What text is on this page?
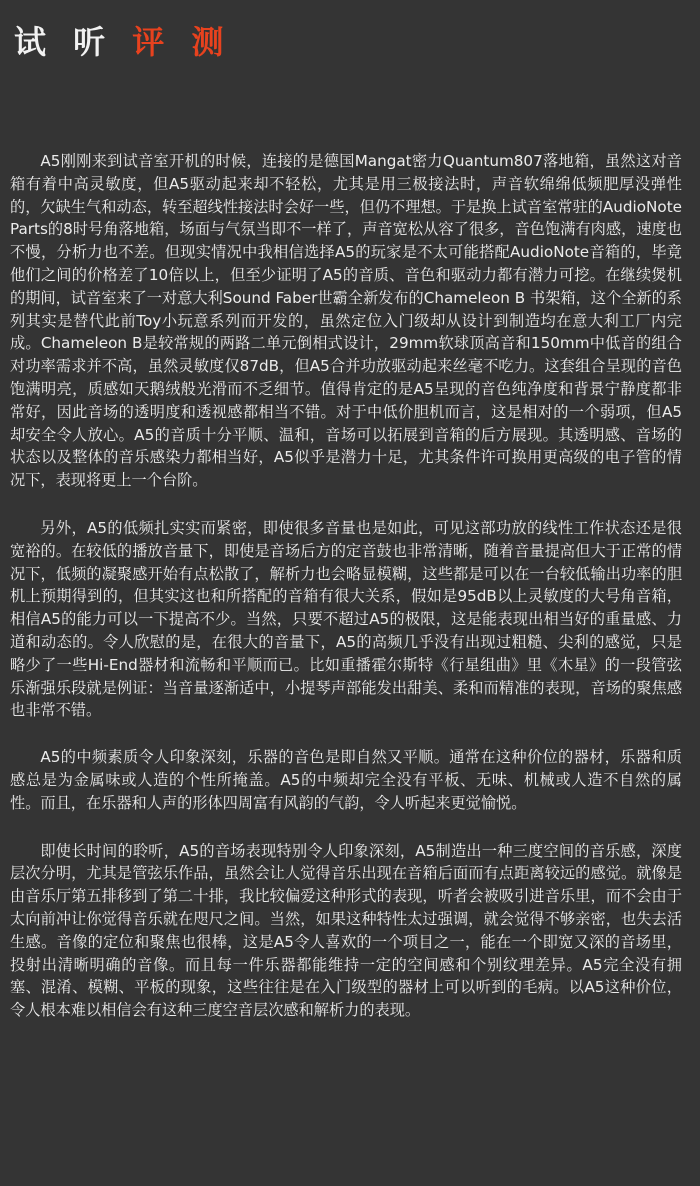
试 听 评 测

A5刚刚来到试音室开机的时候，连接的是德国Mangat密力Quantum807落地箱，虽然这对音箱有着中高灵敏度，但A5驱动起来却不轻松，尤其是用三极接法时，声音软绵绵低频肥厚没弹性的，欠缺生气和动态，转至超线性接法时会好一些，但仍不理想。于是换上试音室常驻的AudioNote Parts的8时号角落地箱，场面与气氛当即不一样了，声音宽松从容了很多，音色饱满有肉感，速度也不慢，分析力也不差。但现实情况中我相信选择A5的玩家是不太可能搭配AudioNote音箱的，毕竟他们之间的价格差了10倍以上，但至少证明了A5的音质、音色和驱动力都有潜力可挖。在继续煲机的期间，试音室来了一对意大利Sound Faber世霸全新发布的Chameleon B 书架箱，这个全新的系列其实是替代此前Toy小玩意系列而开发的，虽然定位入门级却从设计到制造均在意大利工厂内完成。Chameleon B是较常规的两路二单元倒相式设计，29mm软球顶高音和150mm中低音的组合对功率需求并不高，虽然灵敏度仅87dB，但A5合并功放驱动起来丝毫不吃力。这套组合呈现的音色饱满明亮，质感如天鹅绒般光滑而不乏细节。值得肯定的是A5呈现的音色纯净度和背景宁静度都非常好，因此音场的透明度和透视感都相当不错。对于中低价胆机而言，这是相对的一个弱项，但A5却安全令人放心。A5的音质十分平顺、温和，音场可以拓展到音箱的后方展现。其透明感、音场的状态以及整体的音乐感染力都相当好，A5似乎是潜力十足，尤其条件许可换用更高级的电子管的情况下，表现将更上一个台阶。

另外，A5的低频扎实实而紧密，即使很多音量也是如此，可见这部功放的线性工作状态还是很宽裕的。在较低的播放音量下，即使是音场后方的定音鼓也非常清晰，随着音量提高但大于正常的情况下，低频的凝聚感开始有点松散了，解析力也会略显模糊，这些都是可以在一台较低输出功率的胆机上预期得到的，但其实这也和所搭配的音箱有很大关系，假如是95dB以上灵敏度的大号角音箱，相信A5的能力可以一下提高不少。当然，只要不超过A5的极限，这是能表现出相当好的重量感、力道和动态的。令人欣慰的是，在很大的音量下，A5的高频几乎没有出现过粗糙、尖利的感觉，只是略少了一些Hi-End器材和流畅和平顺而已。比如重播霍尔斯特《行星组曲》里《木星》的一段管弦乐渐强乐段就是例证：当音量逐渐适中，小提琴声部能发出甜美、柔和而精准的表现，音场的聚焦感也非常不错。

A5的中频素质令人印象深刻，乐器的音色是即自然又平顺。通常在这种价位的器材，乐器和质感总是为金属味或人造的个性所掩盖。A5的中频却完全没有平板、无味、机械或人造不自然的属性。而且，在乐器和人声的形体四周富有风韵的气韵，令人听起来更觉愉悦。

即使长时间的聆听，A5的音场表现特别令人印象深刻，A5制造出一种三度空间的音乐感，深度层次分明，尤其是管弦乐作品，虽然会让人觉得音乐出现在音箱后面而有点距离较远的感觉。就像是由音乐厅第五排移到了第二十排，我比较偏爱这种形式的表现，听者会被吸引进音乐里，而不会由于太向前冲让你觉得音乐就在咫尺之间。当然，如果这种特性太过强调，就会觉得不够亲密，也失去活生感。音像的定位和聚焦也很棒，这是A5令人喜欢的一个项目之一，能在一个即宽又深的音场里，投射出清晰明确的音像。而且每一件乐器都能维持一定的空间感和个别纹理差异。A5完全没有拥塞、混淆、模糊、平板的现象，这些往往是在入门级型的器材上可以听到的毛病。以A5这种价位，令人根本难以相信会有这种三度空音层次感和解析力的表现。
